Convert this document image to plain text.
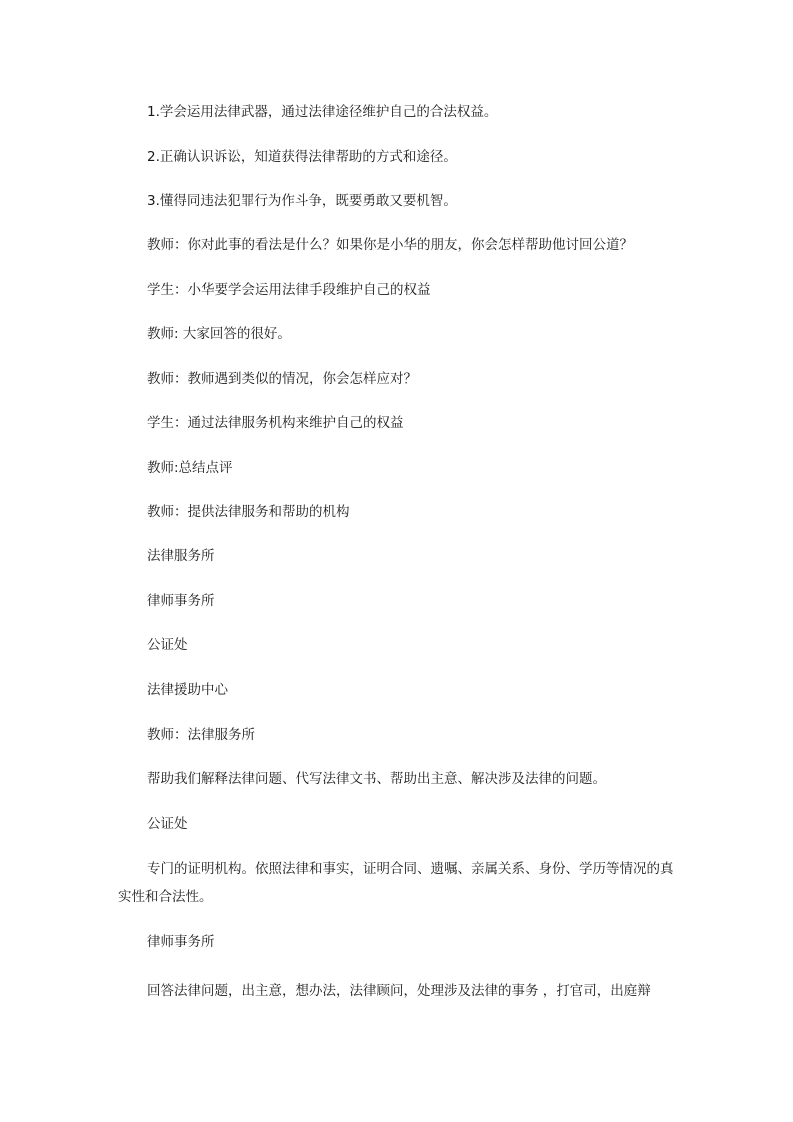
1.学会运用法律武器，通过法律途径维护自己的合法权益。

2.正确认识诉讼，知道获得法律帮助的方式和途径。

3.懂得同违法犯罪行为作斗争，既要勇敢又要机智。

教师：你对此事的看法是什么？如果你是小华的朋友，你会怎样帮助他讨回公道？

学生：小华要学会运用法律手段维护自己的权益

教师: 大家回答的很好。

教师：教师遇到类似的情况，你会怎样应对？

学生：通过法律服务机构来维护自己的权益

教师:总结点评

教师：提供法律服务和帮助的机构

法律服务所

律师事务所

公证处

法律援助中心

教师：法律服务所

帮助我们解释法律问题、代写法律文书、帮助出主意、解决涉及法律的问题。

公证处

专门的证明机构。依照法律和事实，证明合同、遗嘱、亲属关系、身份、学历等情况的真实性和合法性。

律师事务所

回答法律问题，出主意，想办法，法律顾问，处理涉及法律的事务 ，打官司，出庭辩
